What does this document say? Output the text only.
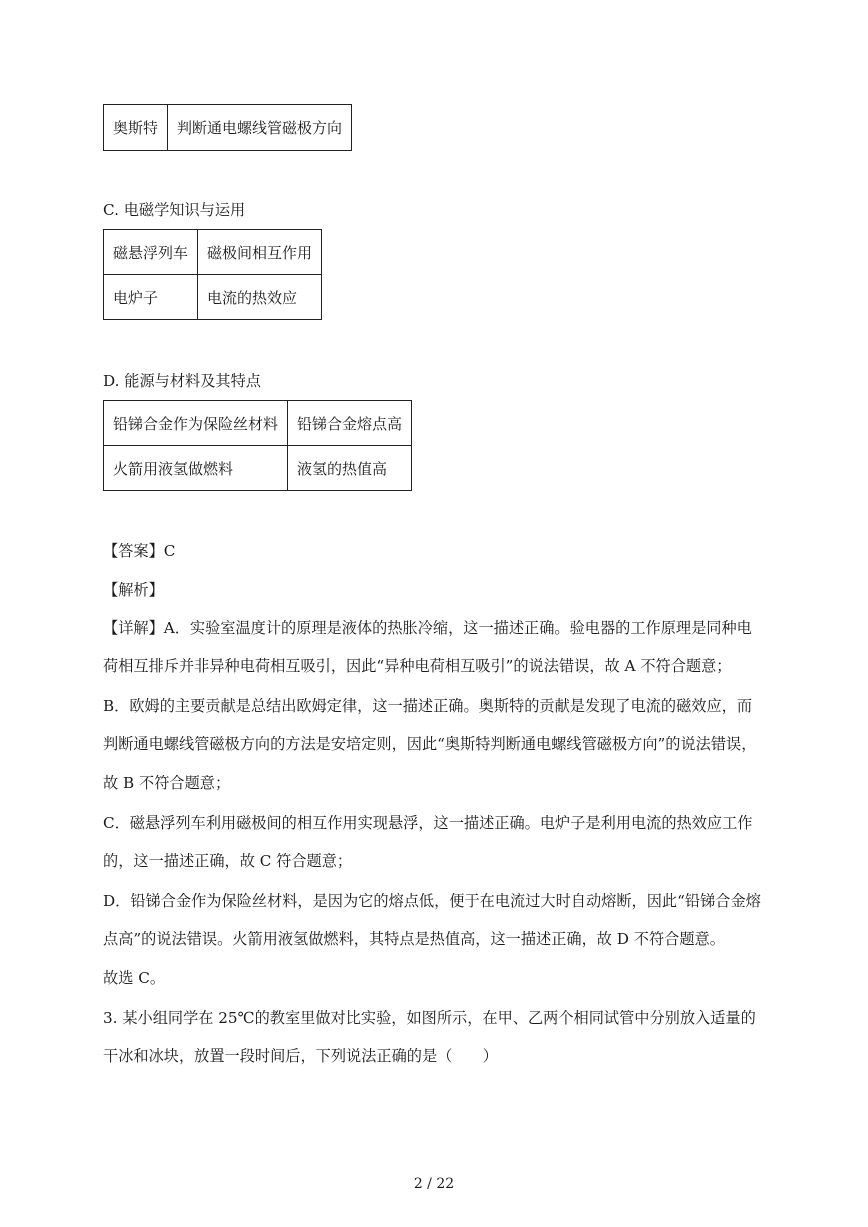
奥斯特	判断通电螺线管磁极方向
C. 电磁学知识与运用
磁悬浮列车	磁极间相互作用
电炉子	电流的热效应
D. 能源与材料及其特点
铅锑合金作为保险丝材料	铅锑合金熔点高
火箭用液氢做燃料	液氢的热值高
【答案】C
【解析】
【详解】A．实验室温度计的原理是液体的热胀冷缩，这一描述正确。验电器的工作原理是同种电
荷相互排斥并非异种电荷相互吸引，因此“异种电荷相互吸引”的说法错误，故 A 不符合题意；
B．欧姆的主要贡献是总结出欧姆定律，这一描述正确。奥斯特的贡献是发现了电流的磁效应，而
判断通电螺线管磁极方向的方法是安培定则，因此“奥斯特判断通电螺线管磁极方向”的说法错误，
故 B 不符合题意；
C．磁悬浮列车利用磁极间的相互作用实现悬浮，这一描述正确。电炉子是利用电流的热效应工作
的，这一描述正确，故 C 符合题意；
D．铅锑合金作为保险丝材料，是因为它的熔点低，便于在电流过大时自动熔断，因此“铅锑合金熔
点高”的说法错误。火箭用液氢做燃料，其特点是热值高，这一描述正确，故 D 不符合题意。
故选 C。
3. 某小组同学在 25℃的教室里做对比实验，如图所示，在甲、乙两个相同试管中分别放入适量的
干冰和冰块，放置一段时间后，下列说法正确的是（　　）
2 / 22
